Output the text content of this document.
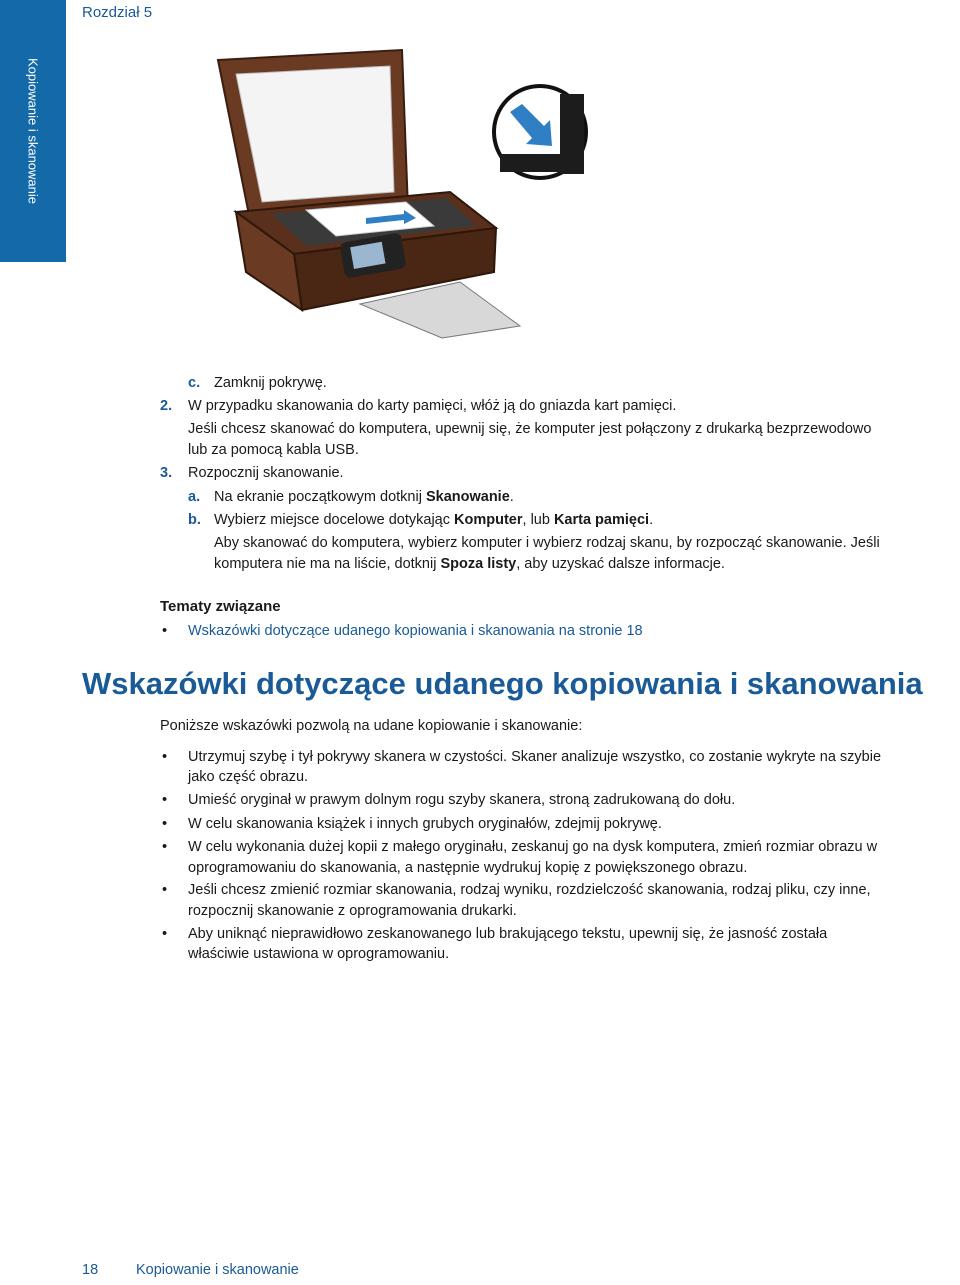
Rozdział 5
Kopiowanie i skanowanie
c. Zamknij pokrywę.
2. W przypadku skanowania do karty pamięci, włóż ją do gniazda kart pamięci.
Jeśli chcesz skanować do komputera, upewnij się, że komputer jest połączony z drukarką bezprzewodowo
lub za pomocą kabla USB.
3. Rozpocznij skanowanie.
a. Na ekranie początkowym dotknij Skanowanie.
b. Wybierz miejsce docelowe dotykając Komputer, lub Karta pamięci.
Aby skanować do komputera, wybierz komputer i wybierz rodzaj skanu, by rozpocząć skanowanie. Jeśli
komputera nie ma na liście, dotknij Spoza listy, aby uzyskać dalsze informacje.
Tematy związane
• Wskazówki dotyczące udanego kopiowania i skanowania na stronie 18
Wskazówki dotyczące udanego kopiowania i skanowania
Poniższe wskazówki pozwolą na udane kopiowanie i skanowanie:
• Utrzymuj szybę i tył pokrywy skanera w czystości. Skaner analizuje wszystko, co zostanie wykryte na szybie
jako część obrazu.
• Umieść oryginał w prawym dolnym rogu szyby skanera, stroną zadrukowaną do dołu.
• W celu skanowania książek i innych grubych oryginałów, zdejmij pokrywę.
• W celu wykonania dużej kopii z małego oryginału, zeskanuj go na dysk komputera, zmień rozmiar obrazu w
oprogramowaniu do skanowania, a następnie wydrukuj kopię z powiększonego obrazu.
• Jeśli chcesz zmienić rozmiar skanowania, rodzaj wyniku, rozdzielczość skanowania, rodzaj pliku, czy inne,
rozpocznij skanowanie z oprogramowania drukarki.
• Aby uniknąć nieprawidłowo zeskanowanego lub brakującego tekstu, upewnij się, że jasność została
właściwie ustawiona w oprogramowaniu.
18	Kopiowanie i skanowanie
